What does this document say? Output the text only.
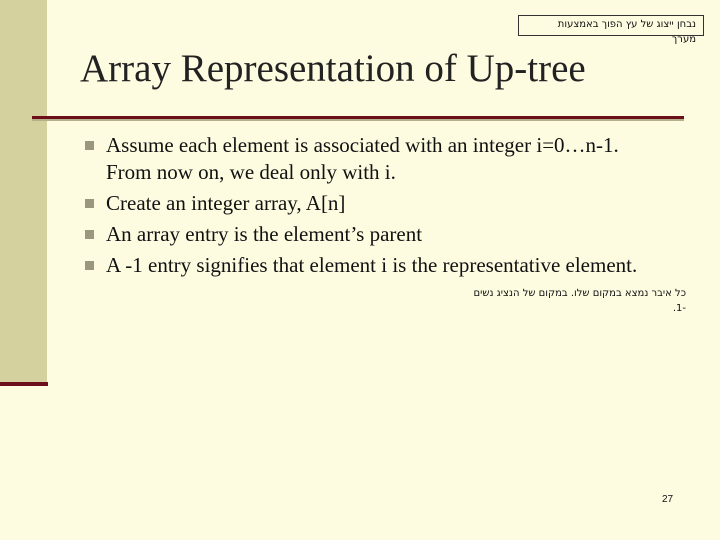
נבחן ייצוג של עץ הפוך באמצעות
מערך
Array Representation of Up-tree
Assume each element is associated with an integer i=0…n-1.
From now on, we deal only with i.
Create an integer array, A[n]
An array entry is the element’s parent
A -1 entry signifies that element i is the representative element.
כל איבר נמצא במקום שלו. במקום של הנציג נשים
-1.
27
